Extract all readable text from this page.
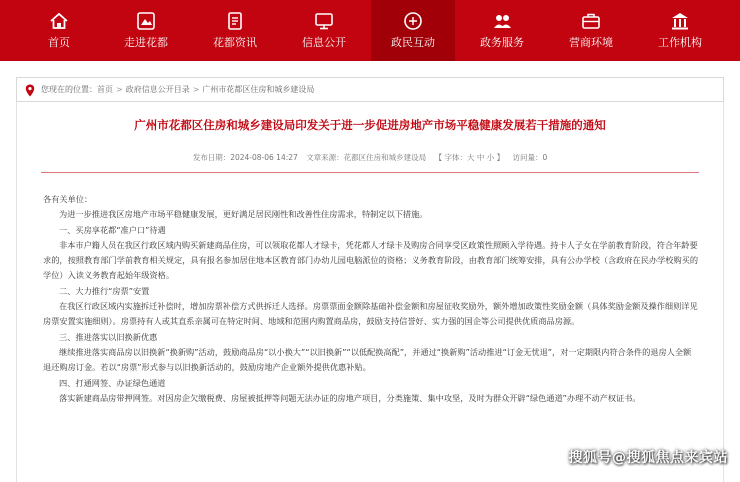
首页	走进花都	花都资讯	信息公开	政民互动	政务服务	营商环境	工作机构
您现在的位置：首页 > 政府信息公开目录 > 广州市花都区住房和城乡建设局
广州市花都区住房和城乡建设局印发关于进一步促进房地产市场平稳健康发展若干措施的通知
发布日期：2024-08-06 14:27 文章来源：花都区住房和城乡建设局 【 字体：大 中 小 】 访问量：0

各有关单位：

为进一步推进我区房地产市场平稳健康发展，更好满足居民刚性和改善性住房需求，特制定以下措施。

一、买房享花都“准户口”待遇

非本市户籍人员在我区行政区域内购买新建商品住房，可以领取花都人才绿卡，凭花都人才绿卡及购房合同享受区政策性照顾入学待遇。持卡人子女在学前教育阶段，符合年龄要求的，按照教育部门学前教育相关规定，具有报名参加居住地本区教育部门办幼儿园电脑派位的资格；义务教育阶段，由教育部门统筹安排，具有公办学校（含政府在民办学校购买的学位）入读义务教育起始年级资格。

二、大力推行“房票”安置

在我区行政区域内实施拆迁补偿时，增加房票补偿方式供拆迁人选择。房票票面金额除基础补偿金额和房屋征收奖励外，额外增加政策性奖励金额（具体奖励金额及操作细则详见房票安置实施细则）。房票持有人或其直系亲属可在特定时间、地域和范围内购置商品房，鼓励支持信誉好、实力强的国企等公司提供优质商品房源。

三、推进落实以旧换新优惠

继续推进落实商品房以旧换新“换新购”活动，鼓励商品房“以小换大”“以旧换新”“以低配换高配”，并通过“换新购”活动推进“订金无忧退”，对一定期限内符合条件的退房人全额退还购房订金。若以“房票”形式参与以旧换新活动的，鼓励房地产企业额外提供优惠补贴。

四、打通网签、办证绿色通道

落实新建商品房带押网签。对因房企欠缴税费、房屋被抵押等问题无法办证的房地产项目，分类施策、集中攻坚，及时为群众开辟“绿色通道”办理不动产权证书。

搜狐号@搜狐焦点来宾站
